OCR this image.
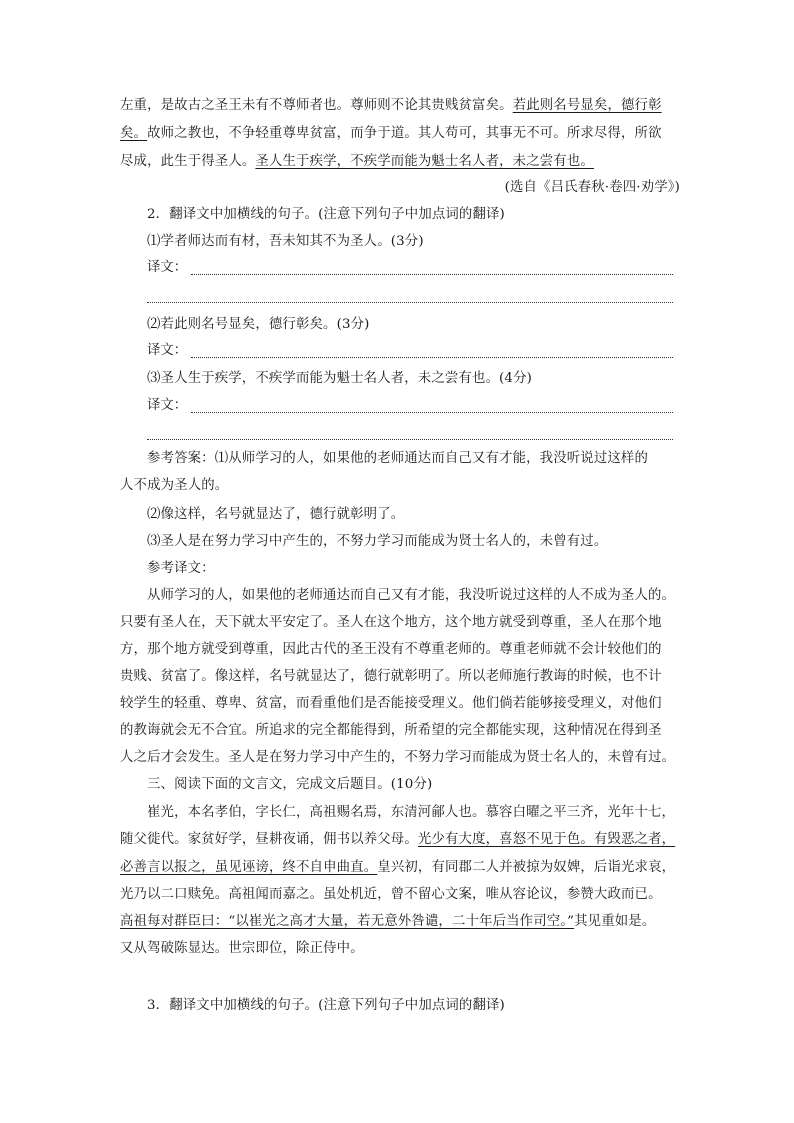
左重，是故古之圣王未有不尊师者也。尊师则不论其贵贱贫富矣。若此则名号显矣，德行彰
矣。故师之教也，不争轻重尊卑贫富，而争于道。其人苟可，其事无不可。所求尽得，所欲
尽成，此生于得圣人。圣人生于疾学，不疾学而能为魁士名人者，未之尝有也。
(选自《吕氏春秋·卷四·劝学》)
2．翻译文中加横线的句子。(注意下列句子中加点词的翻译)
⑴学者师达而有材，吾未知其不为圣人。(3分)
译文：
⑵若此则名号显矣，德行彰矣。(3分)
译文：
⑶圣人生于疾学，不疾学而能为魁士名人者，未之尝有也。(4分)
译文：
参考答案：⑴从师学习的人，如果他的老师通达而自己又有才能，我没听说过这样的
人不成为圣人的。
⑵像这样，名号就显达了，德行就彰明了。
⑶圣人是在努力学习中产生的，不努力学习而能成为贤士名人的，未曾有过。
参考译文：
从师学习的人，如果他的老师通达而自己又有才能，我没听说过这样的人不成为圣人的。
只要有圣人在，天下就太平安定了。圣人在这个地方，这个地方就受到尊重，圣人在那个地
方，那个地方就受到尊重，因此古代的圣王没有不尊重老师的。尊重老师就不会计较他们的
贵贱、贫富了。像这样，名号就显达了，德行就彰明了。所以老师施行教诲的时候，也不计
较学生的轻重、尊卑、贫富，而看重他们是否能接受理义。他们倘若能够接受理义，对他们
的教诲就会无不合宜。所追求的完全都能得到，所希望的完全都能实现，这种情况在得到圣
人之后才会发生。圣人是在努力学习中产生的，不努力学习而能成为贤士名人的，未曾有过。
三、阅读下面的文言文，完成文后题目。(10分)
崔光，本名孝伯，字长仁，高祖赐名焉，东清河鄃人也。慕容白曜之平三齐，光年十七，
随父徙代。家贫好学，昼耕夜诵，佣书以养父母。光少有大度，喜怒不见于色。有毁恶之者，
必善言以报之，虽见诬谤，终不自申曲直。皇兴初，有同郡二人并被掠为奴婢，后诣光求哀，
光乃以二口赎免。高祖闻而嘉之。虽处机近，曾不留心文案，唯从容论议，参赞大政而已。
高祖每对群臣曰：“以崔光之高才大量，若无意外咎谴，二十年后当作司空。”其见重如是。
又从驾破陈显达。世宗即位，除正侍中。
3．翻译文中加横线的句子。(注意下列句子中加点词的翻译)
